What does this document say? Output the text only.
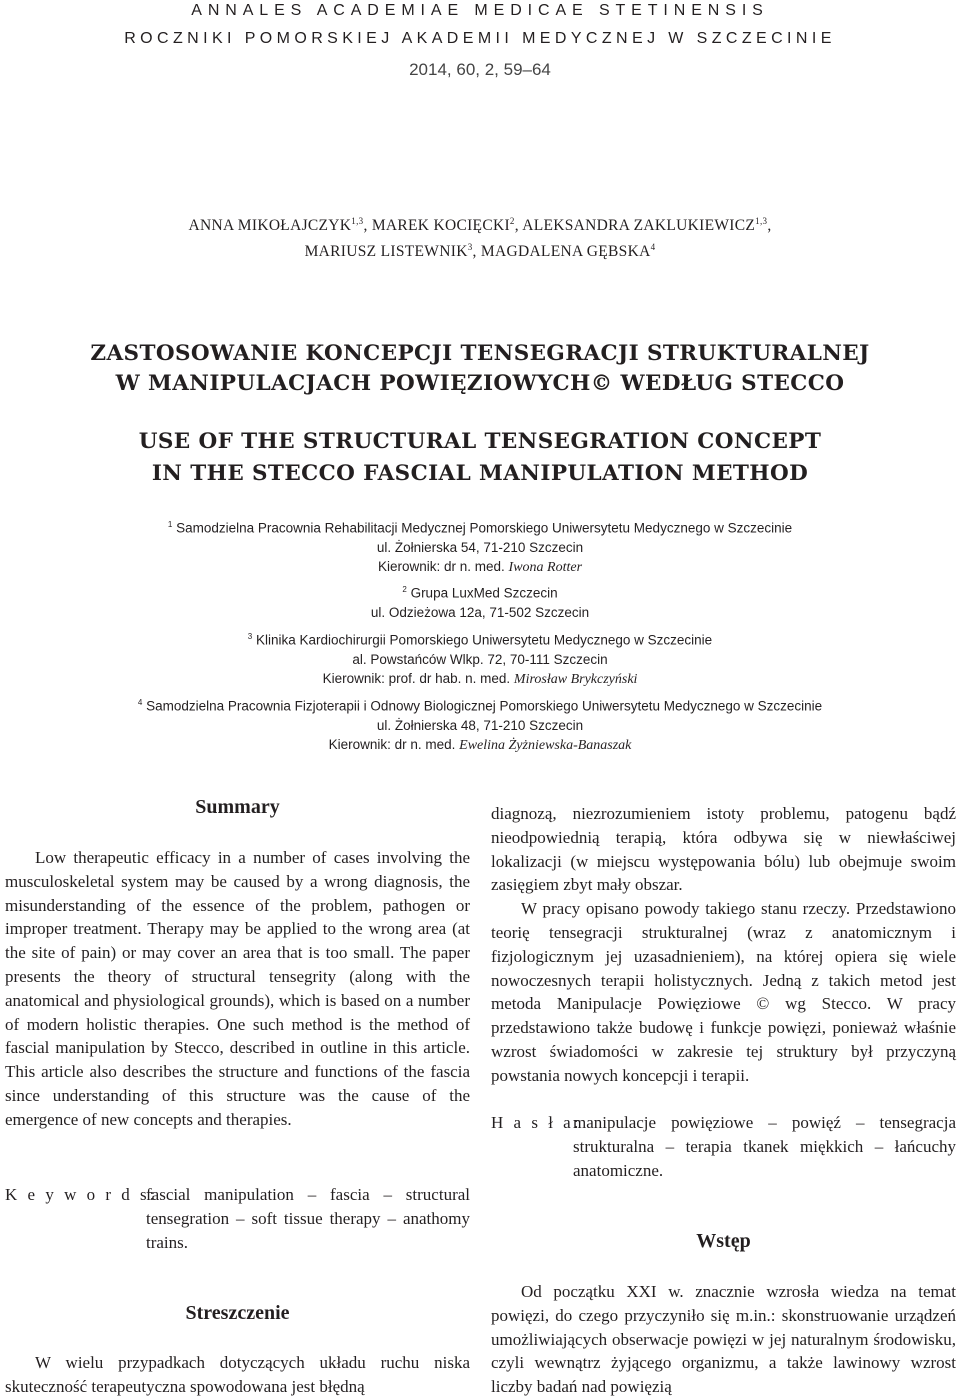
ANNALES ACADEMIAE MEDICAE STETINENSIS
ROCZNIKI POMORSKIEJ AKADEMII MEDYCZNEJ W SZCZECINIE
2014, 60, 2, 59–64
ANNA MIKOŁAJCZYK$^{1,3}$, MAREK KOCIĘCKI$^2$, ALEKSANDRA ZAKLUKIEWICZ$^{1,3}$,
MARIUSZ LISTEWNIK$^3$, MAGDALENA GĘBSKA$^4$
ZASTOSOWANIE KONCEPCJI TENSEGRACJI STRUKTURALNEJ
W MANIPULACJACH POWIĘZIOWYCH© WEDŁUG STECCO
USE OF THE STRUCTURAL TENSEGRATION CONCEPT
IN THE STECCO FASCIAL MANIPULATION METHOD
$^1$ Samodzielna Pracownia Rehabilitacji Medycznej Pomorskiego Uniwersytetu Medycznego w Szczecinie
ul. Żołnierska 54, 71-210 Szczecin
Kierownik: dr n. med. Iwona Rotter
$^2$ Grupa LuxMed Szczecin
ul. Odzieżowa 12a, 71-502 Szczecin
$^3$ Klinika Kardiochirurgii Pomorskiego Uniwersytetu Medycznego w Szczecinie
al. Powstańców Wlkp. 72, 70-111 Szczecin
Kierownik: prof. dr hab. n. med. Mirosław Brykczyński
$^4$ Samodzielna Pracownia Fizjoterapii i Odnowy Biologicznej Pomorskiego Uniwersytetu Medycznego w Szczecinie
ul. Żołnierska 48, 71-210 Szczecin
Kierownik: dr n. med. Ewelina Żyżniewska-Banaszak
Summary

Low therapeutic efficacy in a number of cases involving the musculoskeletal system may be caused by a wrong diagnosis, the misunderstanding of the essence of the problem, pathogen or improper treatment. Therapy may be applied to the wrong area (at the site of pain) or may cover an area that is too small. The paper presents the theory of structural tensegrity (along with the anatomical and physiological grounds), which is based on a number of modern holistic therapies. One such method is the method of fascial manipulation by Stecco, described in outline in this article. This article also describes the structure and functions of the fascia since understanding of this structure was the cause of the emergence of new concepts and therapies.

K e y w o r d s:
fascial manipulation – fascia – structural tensegration – soft tissue therapy – anathomy trains.
Streszczenie

W wielu przypadkach dotyczących układu ruchu niska skuteczność terapeutyczna spowodowana jest błędną

diagnozą, niezrozumieniem istoty problemu, patogenu bądź nieodpowiednią terapią, która odbywa się w niewłaściwej lokalizacji (w miejscu występowania bólu) lub obejmuje swoim zasięgiem zbyt mały obszar.

W pracy opisano powody takiego stanu rzeczy. Przedstawiono teorię tensegracji strukturalnej (wraz z anatomicznym i fizjologicznym jej uzasadnieniem), na której opiera się wiele nowoczesnych terapii holistycznych. Jedną z takich metod jest metoda Manipulacje Powięziowe © wg Stecco. W pracy przedstawiono także budowę i funkcje powięzi, ponieważ właśnie wzrost świadomości w zakresie tej struktury był przyczyną powstania nowych koncepcji i terapii.

H a s ł a:
manipulacje powięziowe – powięź – tensegracja strukturalna – terapia tkanek miękkich – łańcuchy anatomiczne.
Wstęp

Od początku XXI w. znacznie wzrosła wiedza na temat powięzi, do czego przyczyniło się m.in.: skonstruowanie urządzeń umożliwiających obserwacje powięzi w jej naturalnym środowisku, czyli wewnątrz żyjącego organizmu, a także lawinowy wzrost liczby badań nad powięzią
